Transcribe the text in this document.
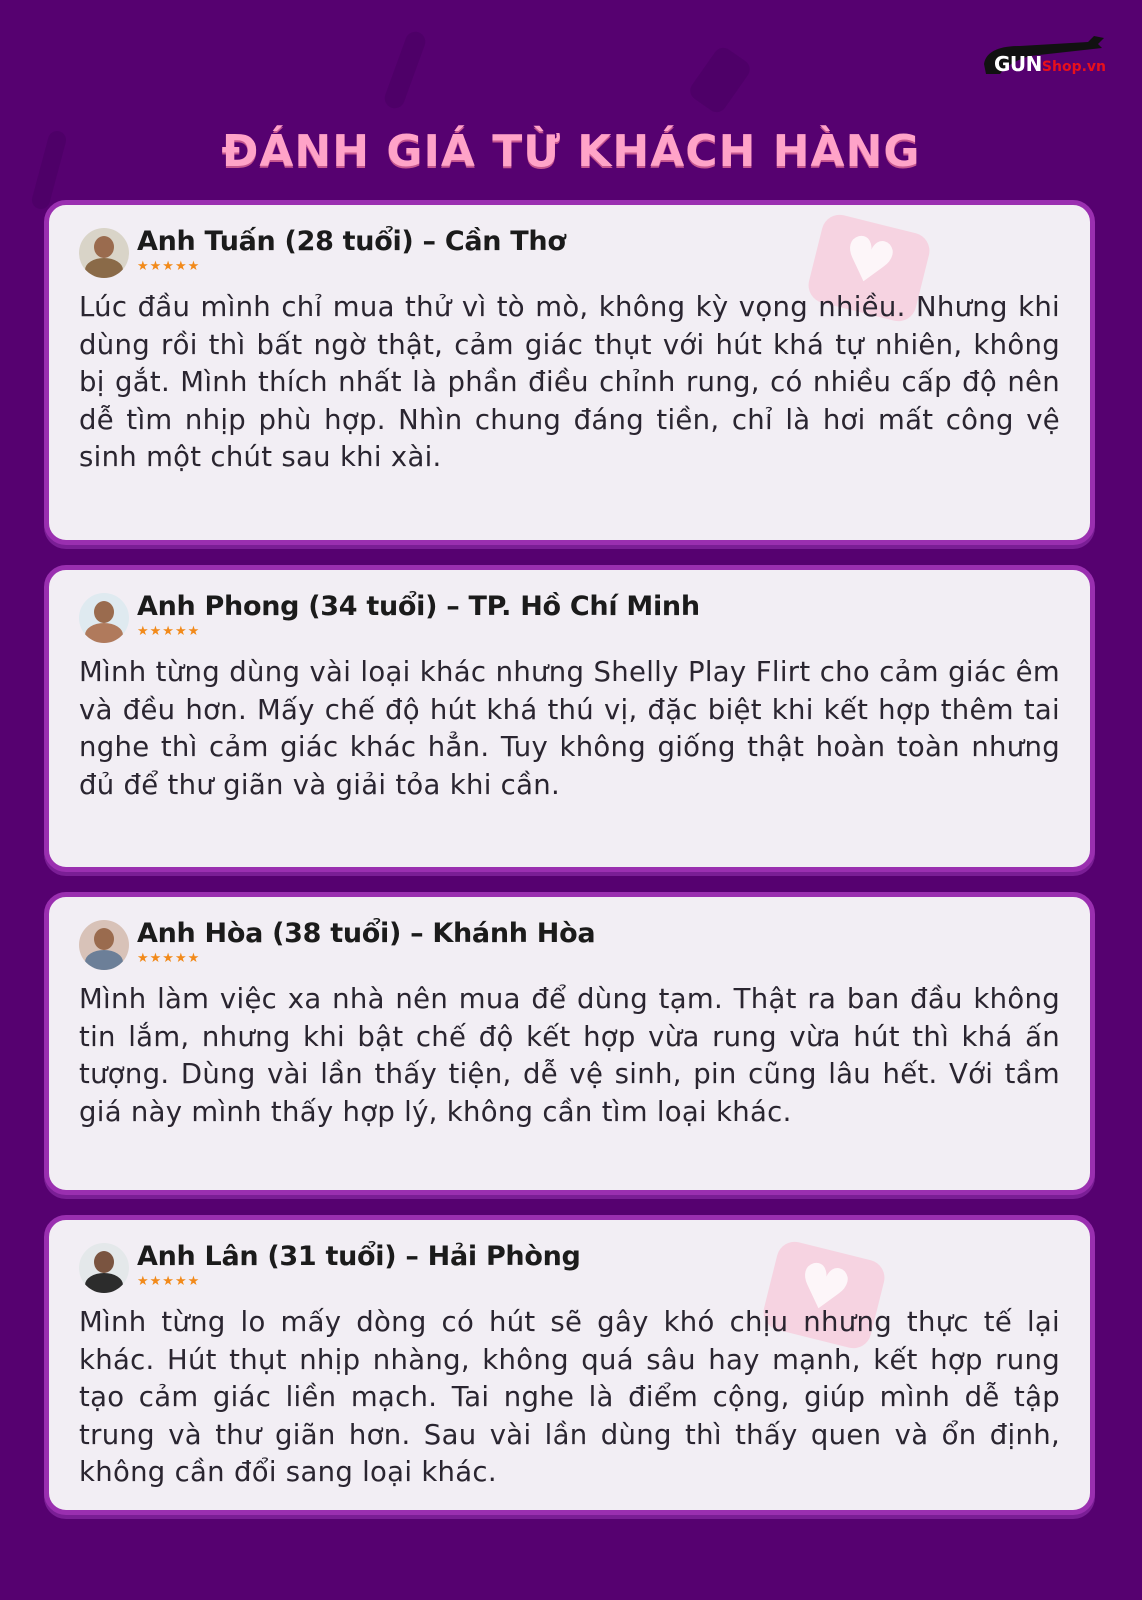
GUNShop.vn
ĐÁNH GIÁ TỪ KHÁCH HÀNG
♥
Anh Tuấn (28 tuổi) – Cần Thơ
★★★★★

Lúc đầu mình chỉ mua thử vì tò mò, không kỳ vọng nhiều. Nhưng khi dùng rồi thì bất ngờ thật, cảm giác thụt với hút khá tự nhiên, không bị gắt. Mình thích nhất là phần điều chỉnh rung, có nhiều cấp độ nên dễ tìm nhịp phù hợp. Nhìn chung đáng tiền, chỉ là hơi mất công vệ sinh một chút sau khi xài.

Anh Phong (34 tuổi) – TP. Hồ Chí Minh
★★★★★

Mình từng dùng vài loại khác nhưng Shelly Play Flirt cho cảm giác êm và đều hơn. Mấy chế độ hút khá thú vị, đặc biệt khi kết hợp thêm tai nghe thì cảm giác khác hẳn. Tuy không giống thật hoàn toàn nhưng đủ để thư giãn và giải tỏa khi cần.

Anh Hòa (38 tuổi) – Khánh Hòa
★★★★★

Mình làm việc xa nhà nên mua để dùng tạm. Thật ra ban đầu không tin lắm, nhưng khi bật chế độ kết hợp vừa rung vừa hút thì khá ấn tượng. Dùng vài lần thấy tiện, dễ vệ sinh, pin cũng lâu hết. Với tầm giá này mình thấy hợp lý, không cần tìm loại khác.

♥
Anh Lân (31 tuổi) – Hải Phòng
★★★★★

Mình từng lo mấy dòng có hút sẽ gây khó chịu nhưng thực tế lại khác. Hút thụt nhịp nhàng, không quá sâu hay mạnh, kết hợp rung tạo cảm giác liền mạch. Tai nghe là điểm cộng, giúp mình dễ tập trung và thư giãn hơn. Sau vài lần dùng thì thấy quen và ổn định, không cần đổi sang loại khác.
